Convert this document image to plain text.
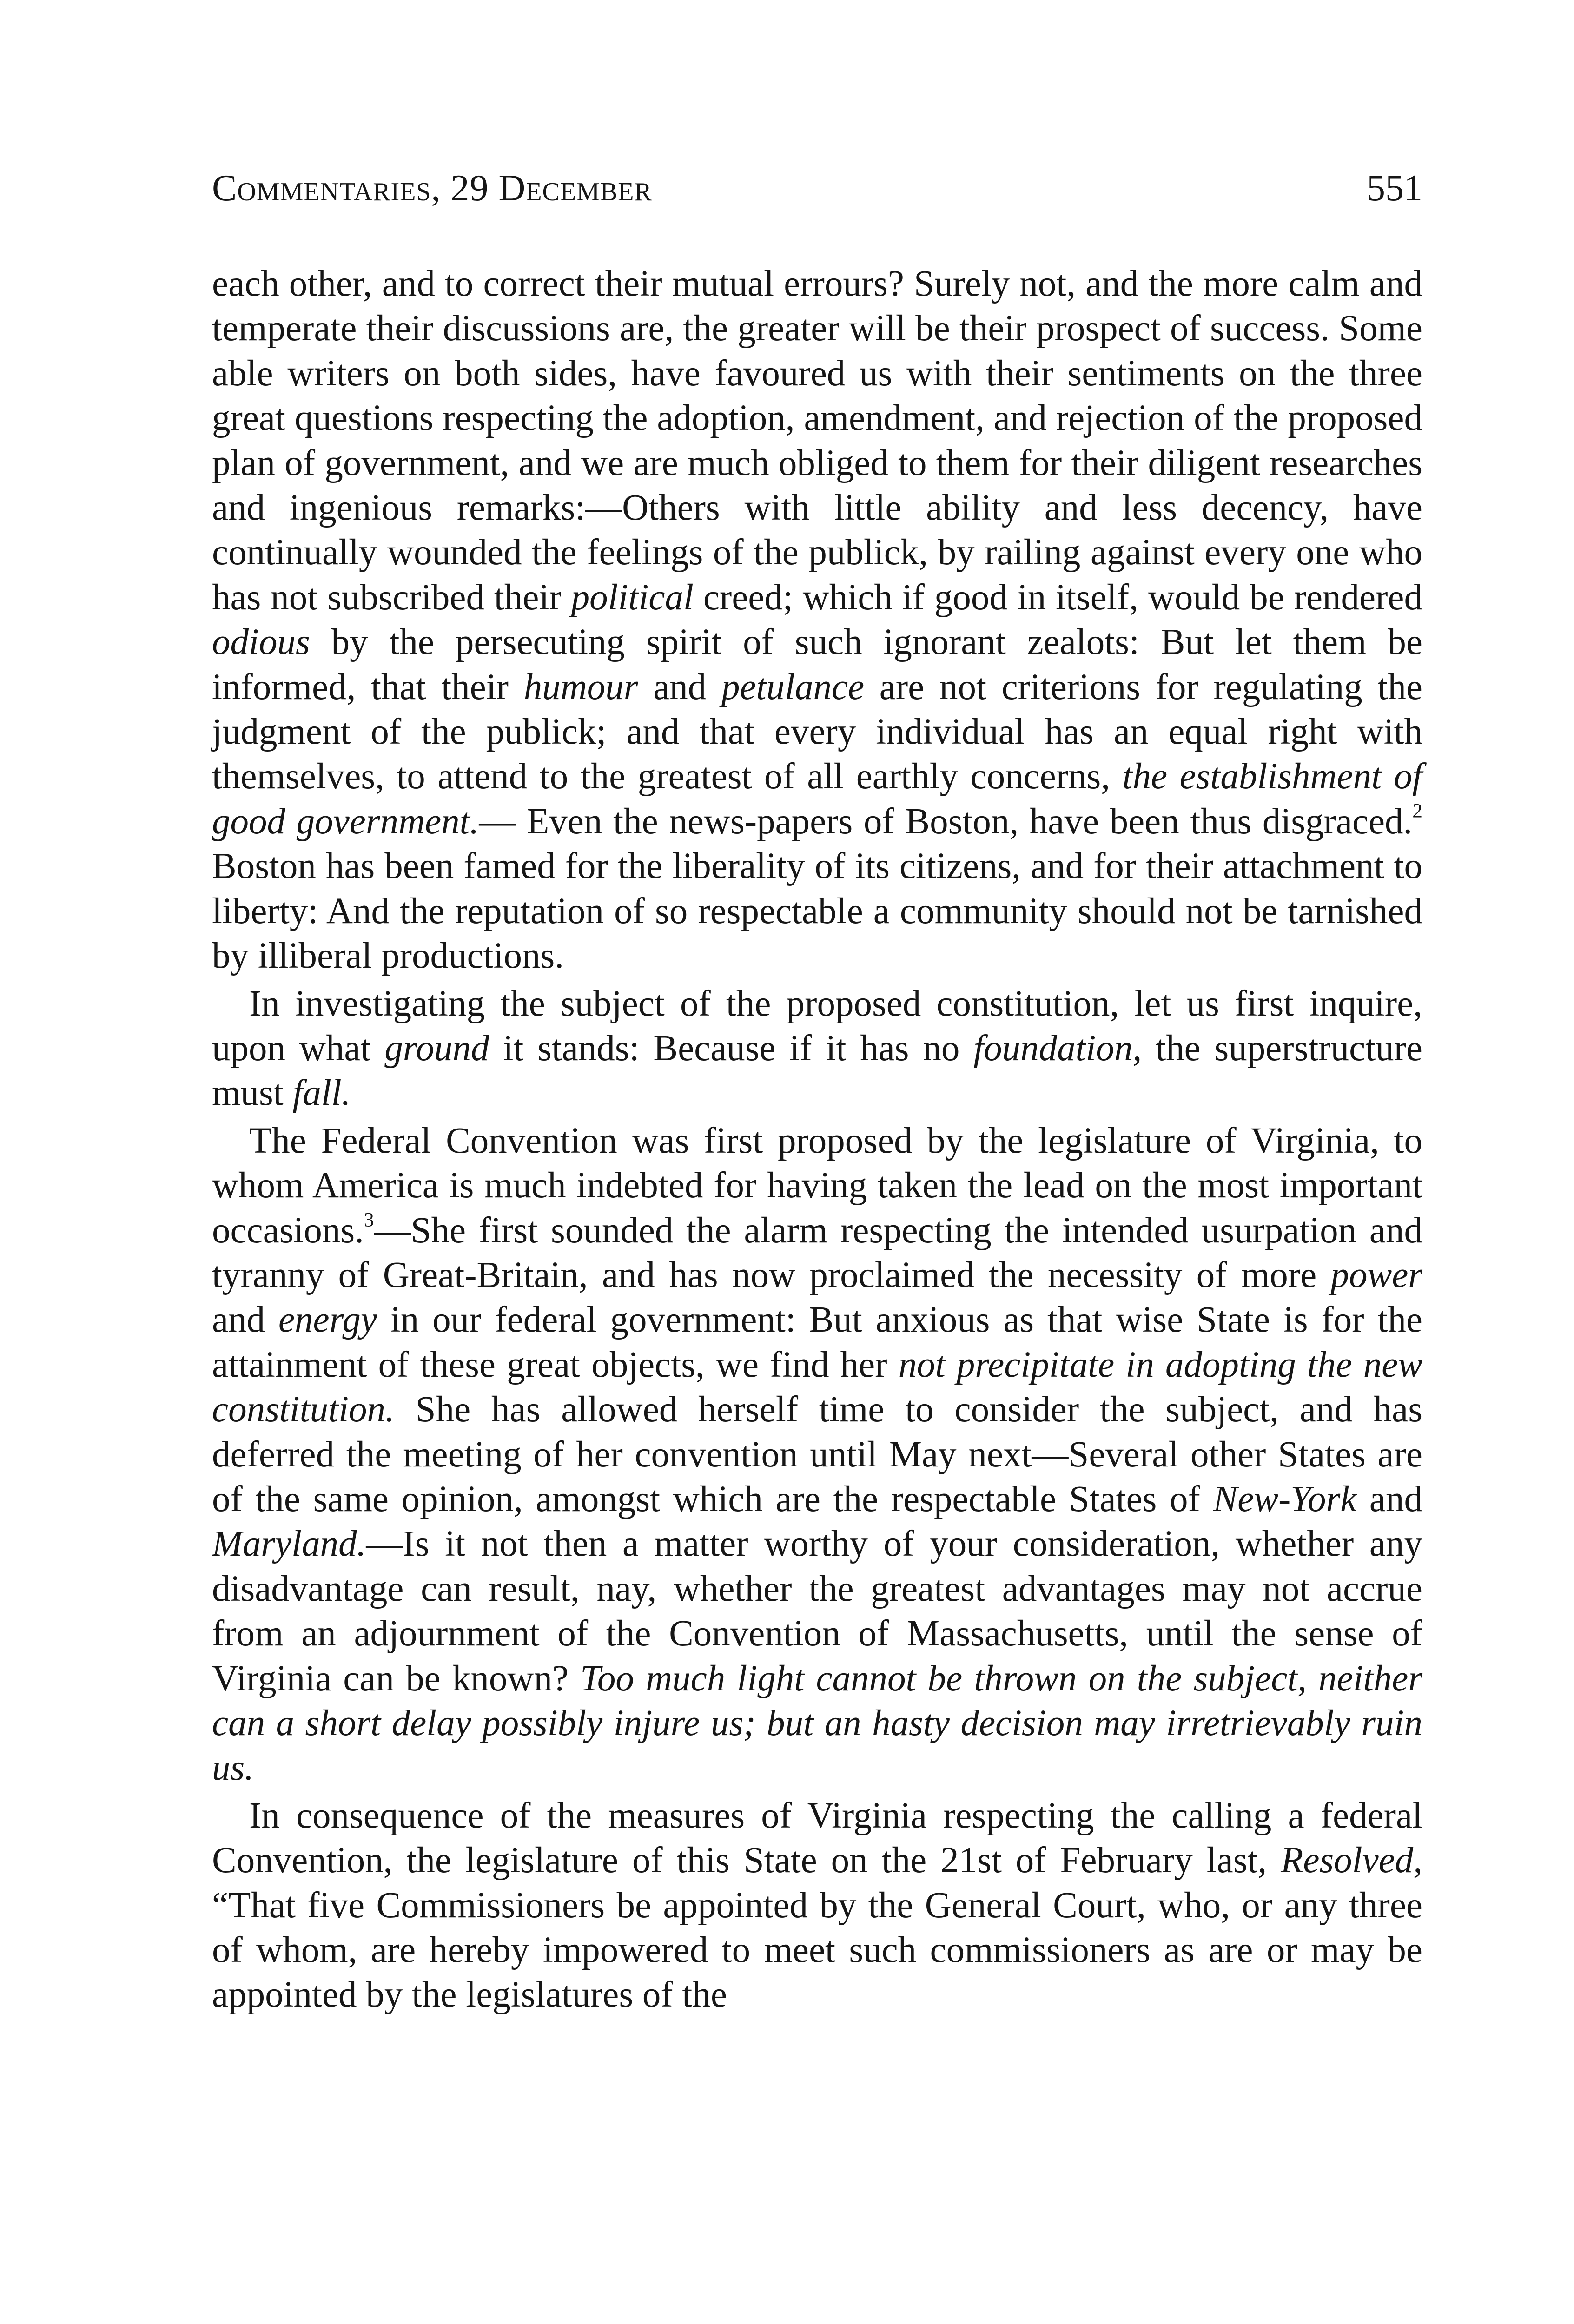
Commentaries, 29 December	551

each other, and to correct their mutual errours? Surely not, and the more calm and temperate their discussions are, the greater will be their prospect of success. Some able writers on both sides, have favoured us with their sentiments on the three great questions respecting the adoption, amendment, and rejection of the proposed plan of government, and we are much obliged to them for their diligent researches and ingenious remarks:—Others with little ability and less decency, have continually wounded the feelings of the publick, by railing against every one who has not subscribed their political creed; which if good in itself, would be rendered odious by the persecuting spirit of such ignorant zealots: But let them be informed, that their humour and petulance are not criterions for regulating the judgment of the publick; and that every individual has an equal right with themselves, to attend to the greatest of all earthly concerns, the establishment of good government.— Even the news-papers of Boston, have been thus disgraced.$^2$ Boston has been famed for the liberality of its citizens, and for their attachment to liberty: And the reputation of so respectable a community should not be tarnished by illiberal productions.

In investigating the subject of the proposed constitution, let us first inquire, upon what ground it stands: Because if it has no foundation, the superstructure must fall.

The Federal Convention was first proposed by the legislature of Virginia, to whom America is much indebted for having taken the lead on the most important occasions.$^3$—She first sounded the alarm respecting the intended usurpation and tyranny of Great-Britain, and has now proclaimed the necessity of more power and energy in our federal government: But anxious as that wise State is for the attainment of these great objects, we find her not precipitate in adopting the new constitution. She has allowed herself time to consider the subject, and has deferred the meeting of her convention until May next—Several other States are of the same opinion, amongst which are the respectable States of New-York and Maryland.—Is it not then a matter worthy of your consideration, whether any disadvantage can result, nay, whether the greatest advantages may not accrue from an adjournment of the Convention of Massachusetts, until the sense of Virginia can be known? Too much light cannot be thrown on the subject, neither can a short delay possibly injure us; but an hasty decision may irretrievably ruin us.

In consequence of the measures of Virginia respecting the calling a federal Convention, the legislature of this State on the 21st of February last, Resolved, “That five Commissioners be appointed by the General Court, who, or any three of whom, are hereby impowered to meet such commissioners as are or may be appointed by the legislatures of the
